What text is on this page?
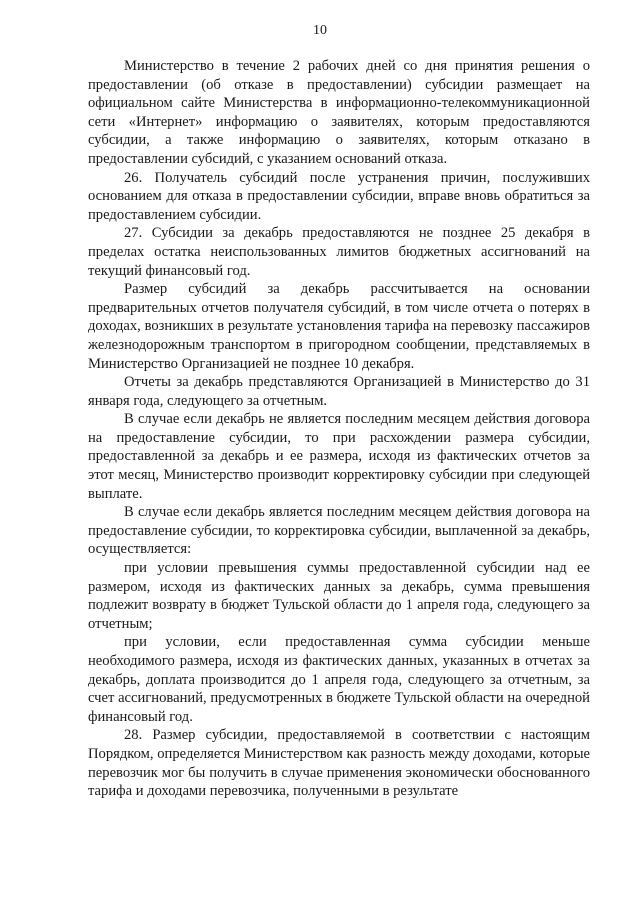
10

Министерство в течение 2 рабочих дней со дня принятия решения о предоставлении (об отказе в предоставлении) субсидии размещает на официальном сайте Министерства в информационно-телекоммуникационной сети «Интернет» информацию о заявителях, которым предоставляются субсидии, а также информацию о заявителях, которым отказано в предоставлении субсидий, с указанием оснований отказа.

26. Получатель субсидий после устранения причин, послуживших основанием для отказа в предоставлении субсидии, вправе вновь обратиться за предоставлением субсидии.

27. Субсидии за декабрь предоставляются не позднее 25 декабря в пределах остатка неиспользованных лимитов бюджетных ассигнований на текущий финансовый год.

Размер субсидий за декабрь рассчитывается на основании предварительных отчетов получателя субсидий, в том числе отчета о потерях в доходах, возникших в результате установления тарифа на перевозку пассажиров железнодорожным транспортом в пригородном сообщении, представляемых в Министерство Организацией не позднее 10 декабря.

Отчеты за декабрь представляются Организацией в Министерство до 31 января года, следующего за отчетным.

В случае если декабрь не является последним месяцем действия договора на предоставление субсидии, то при расхождении размера субсидии, предоставленной за декабрь и ее размера, исходя из фактических отчетов за этот месяц, Министерство производит корректировку субсидии при следующей выплате.

В случае если декабрь является последним месяцем действия договора на предоставление субсидии, то корректировка субсидии, выплаченной за декабрь, осуществляется:

при условии превышения суммы предоставленной субсидии над ее размером, исходя из фактических данных за декабрь, сумма превышения подлежит возврату в бюджет Тульской области до 1 апреля года, следующего за отчетным;

при условии, если предоставленная сумма субсидии меньше необходимого размера, исходя из фактических данных, указанных в отчетах за декабрь, доплата производится до 1 апреля года, следующего за отчетным, за счет ассигнований, предусмотренных в бюджете Тульской области на очередной финансовый год.

28. Размер субсидии, предоставляемой в соответствии с настоящим Порядком, определяется Министерством как разность между доходами, которые перевозчик мог бы получить в случае применения экономически обоснованного тарифа и доходами перевозчика, полученными в результате
